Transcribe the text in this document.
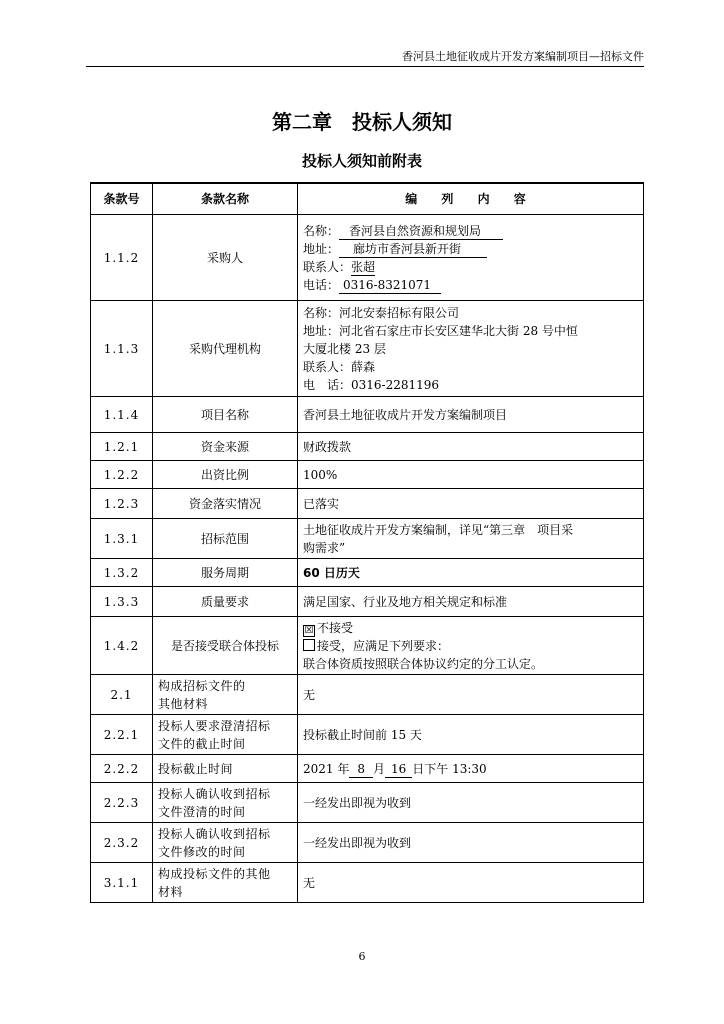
香河县土地征收成片开发方案编制项目—招标文件
第二章　投标人须知
投标人须知前附表
条款号	条款名称	编 列 内 容
1.1.2	采购人	名称： 香河县自然资源和规划局
地址： 廊坊市香河县新开街
联系人：张超
电话： 0316-8321071

1.1.3	采购代理机构	名称：河北安泰招标有限公司
地址：河北省石家庄市长安区建华北大街 28 号中恒
大厦北楼 23 层
联系人：薛森
电　话：0316-2281196

1.1.4	项目名称	香河县土地征收成片开发方案编制项目
1.2.1	资金来源	财政拨款
1.2.2	出资比例	100%
1.2.3	资金落实情况	已落实
1.3.1	招标范围	土地征收成片开发方案编制，详见“第三章　项目采
购需求”

1.3.2	服务周期	60 日历天
1.3.3	质量要求	满足国家、行业及地方相关规定和标准
1.4.2	是否接受联合体投标	☒ 不接受
接受，应满足下列要求：
联合体资质按照联合体协议约定的分工认定。

2.1	构成招标文件的
其他材料	无
2.2.1	投标人要求澄清招标
文件的截止时间	投标截止时间前 15 天
2.2.2	投标截止时间	2021 年 8 月 16 日下午 13:30
2.2.3	投标人确认收到招标
文件澄清的时间	一经发出即视为收到
2.3.2	投标人确认收到招标
文件修改的时间	一经发出即视为收到
3.1.1	构成投标文件的其他
材料	无
6
